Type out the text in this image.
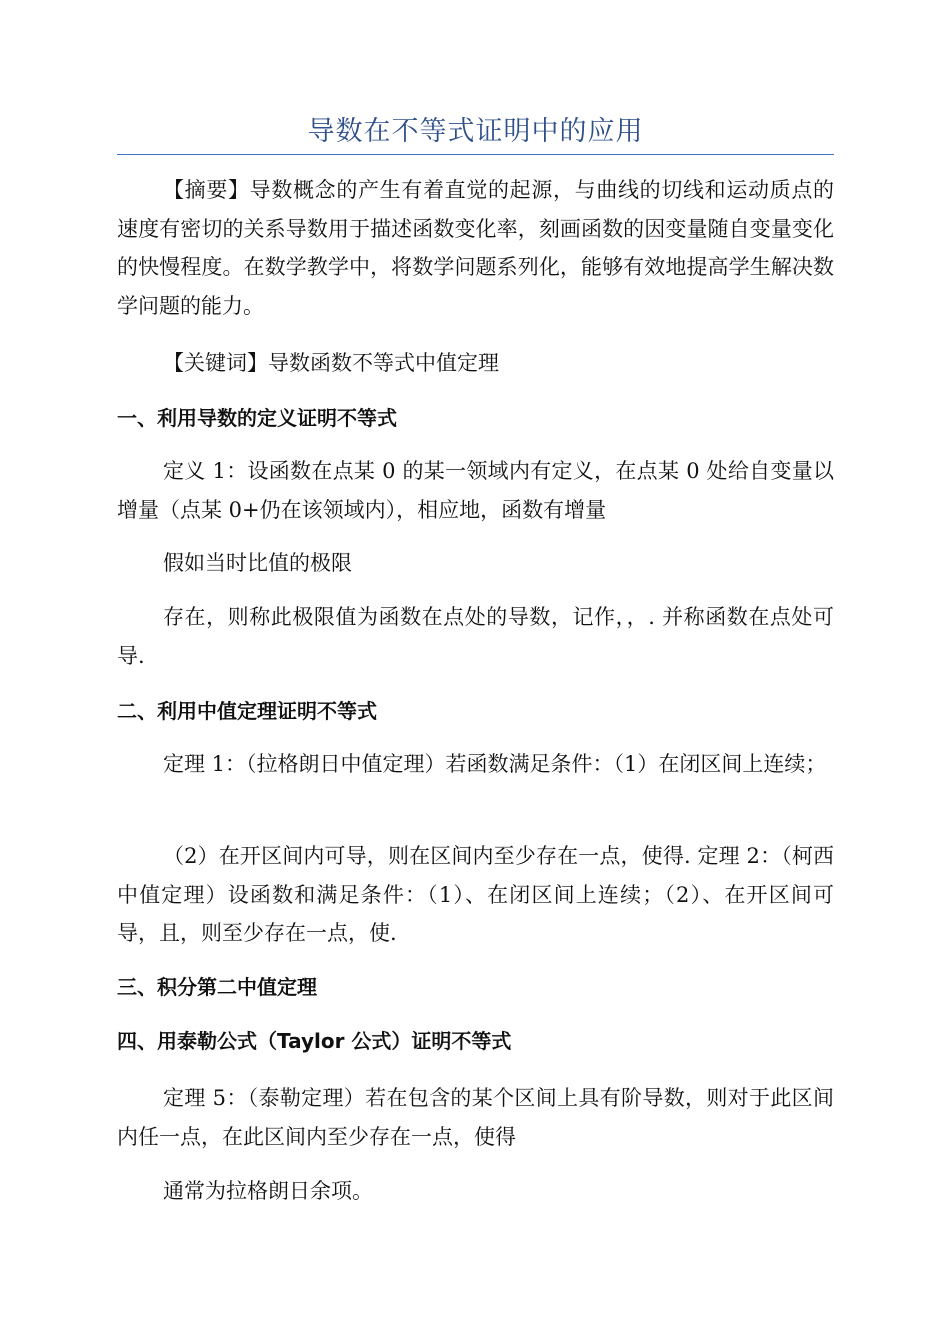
导数在不等式证明中的应用

【摘要】导数概念的产生有着直觉的起源，与曲线的切线和运动质点的速度有密切的关系导数用于描述函数变化率，刻画函数的因变量随自变量变化的快慢程度。在数学教学中，将数学问题系列化，能够有效地提高学生解决数学问题的能力。

【关键词】导数函数不等式中值定理

一、利用导数的定义证明不等式

定义 1：设函数在点某 0 的某一领域内有定义，在点某 0 处给自变量以增量（点某 0+仍在该领域内），相应地，函数有增量

假如当时比值的极限

存在，则称此极限值为函数在点处的导数，记作，，. 并称函数在点处可导.

二、利用中值定理证明不等式

定理 1：（拉格朗日中值定理）若函数满足条件：（1）在闭区间上连续；

（2）在开区间内可导，则在区间内至少存在一点，使得. 定理 2：（柯西中值定理）设函数和满足条件：（1）、在闭区间上连续；（2）、在开区间可导，且，则至少存在一点，使.

三、积分第二中值定理
四、用泰勒公式（Taylor 公式）证明不等式

定理 5：（泰勒定理）若在包含的某个区间上具有阶导数，则对于此区间内任一点，在此区间内至少存在一点，使得

通常为拉格朗日余项。
